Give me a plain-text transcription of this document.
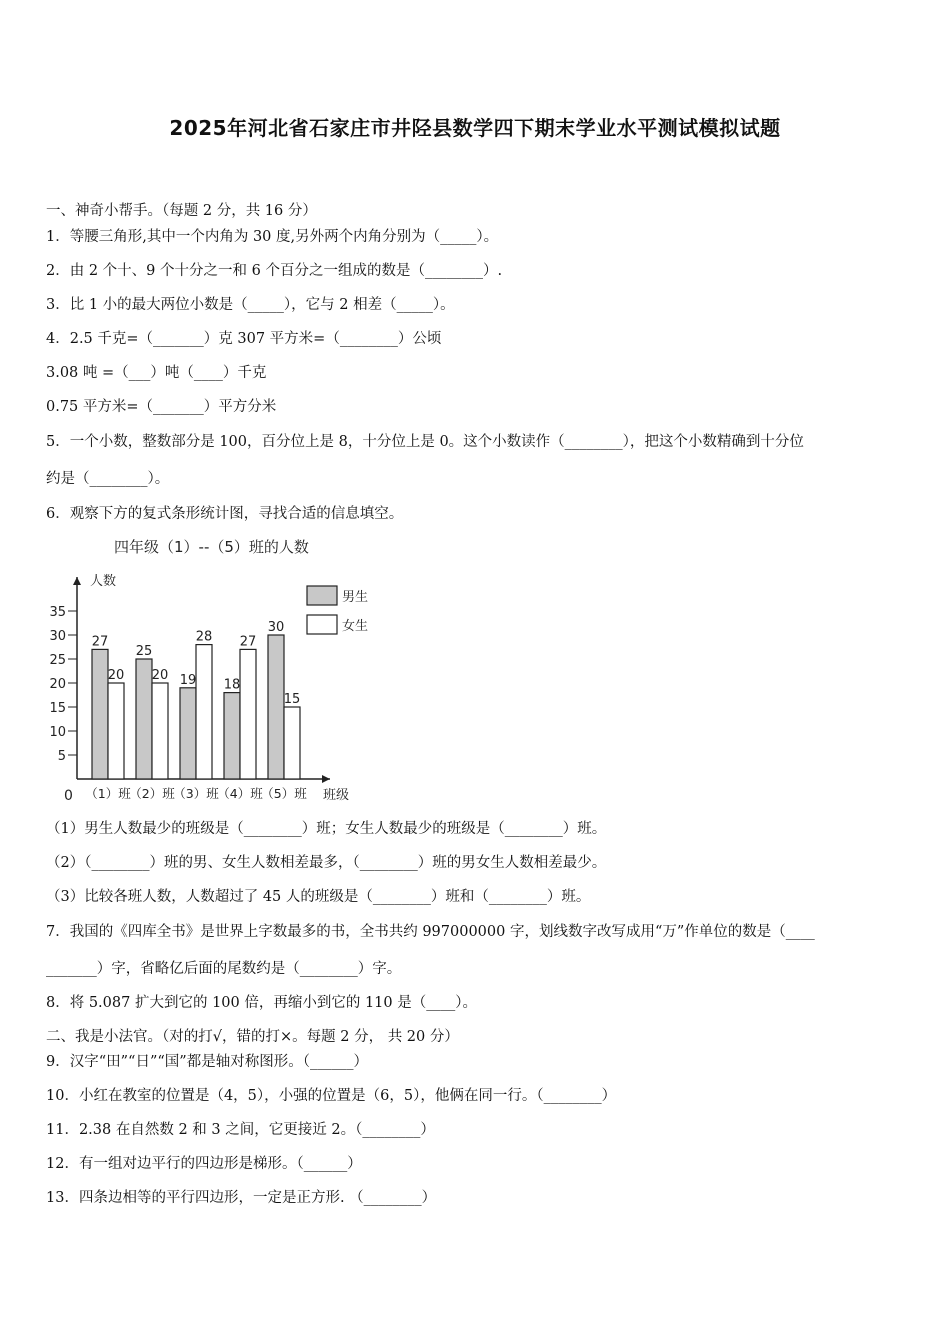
2025年河北省石家庄市井陉县数学四下期末学业水平测试模拟试题
一、神奇小帮手。（每题 2 分，共 16 分）
1．等腰三角形,其中一个内角为 30 度,另外两个内角分别为（_____）。
2．由 2 个十、9 个十分之一和 6 个百分之一组成的数是（________）.
3．比 1 小的最大两位小数是（_____），它与 2 相差（_____）。
4．2.5 千克=（_______）克 307 平方米=（________）公顷
3.08 吨 =（___）吨（____）千克
0.75 平方米=（_______）平方分米
5．一个小数，整数部分是 100，百分位上是 8，十分位上是 0。这个小数读作（________），把这个小数精确到十分位
约是（________）。
6．观察下方的复式条形统计图，寻找合适的信息填空。
四年级（1）--（5）班的人数
人数
班级
0
5
10
15
20
25
30
35
27
20
（1）班
25
20
（2）班
19
28
（3）班
18
27
（4）班
30
15
（5）班
男生
女生
（1）男生人数最少的班级是（________）班；女生人数最少的班级是（________）班。
（2）（________）班的男、女生人数相差最多，（________）班的男女生人数相差最少。
（3）比较各班人数，人数超过了 45 人的班级是（________）班和（________）班。
7．我国的《四库全书》是世界上字数最多的书，全书共约 997000000 字，划线数字改写成用“万”作单位的数是（____
_______）字，省略亿后面的尾数约是（________）字。
8．将 5.087 扩大到它的 100 倍，再缩小到它的 110 是（____）。
二、我是小法官。（对的打√，错的打×。每题 2 分， 共 20 分）
9．汉字“田”“日”“国”都是轴对称图形。（______）
10．小红在教室的位置是（4，5），小强的位置是（6，5），他俩在同一行。（________）
11．2.38 在自然数 2 和 3 之间，它更接近 2。（________）
12．有一组对边平行的四边形是梯形。（______）
13．四条边相等的平行四边形，一定是正方形. （________）
